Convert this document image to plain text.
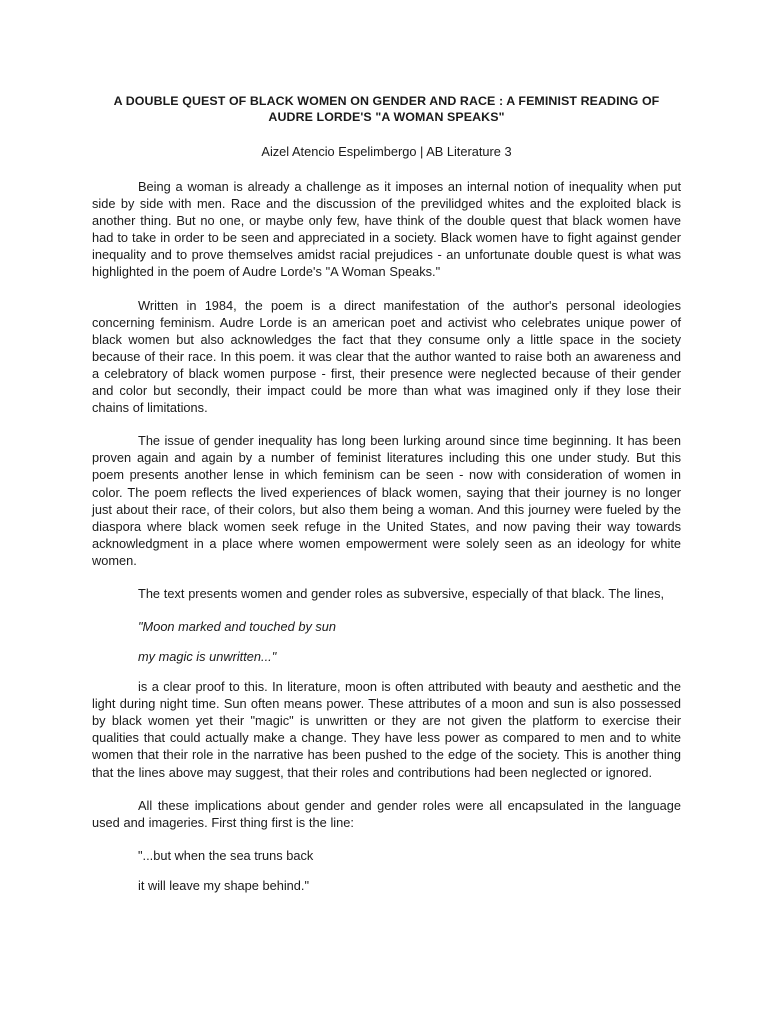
A DOUBLE QUEST OF BLACK WOMEN ON GENDER AND RACE : A FEMINIST READING OF
AUDRE LORDE'S "A WOMAN SPEAKS"

Aizel Atencio Espelimbergo | AB Literature 3

Being a woman is already a challenge as it imposes an internal notion of inequality when put side by side with men. Race and the discussion of the previlidged whites and the exploited black is another thing. But no one, or maybe only few, have think of the double quest that black women have had to take in order to be seen and appreciated in a society. Black women have to fight against gender inequality and to prove themselves amidst racial prejudices - an unfortunate double quest is what was highlighted in the poem of Audre Lorde's "A Woman Speaks."

Written in 1984, the poem is a direct manifestation of the author's personal ideologies concerning feminism. Audre Lorde is an american poet and activist who celebrates unique power of black women but also acknowledges the fact that they consume only a little space in the society because of their race. In this poem. it was clear that the author wanted to raise both an awareness and a celebratory of black women purpose - first, their presence were neglected because of their gender and color but secondly, their impact could be more than what was imagined only if they lose their chains of limitations.

The issue of gender inequality has long been lurking around since time beginning. It has been proven again and again by a number of feminist literatures including this one under study. But this poem presents another lense in which feminism can be seen - now with consideration of women in color. The poem reflects the lived experiences of black women, saying that their journey is no longer just about their race, of their colors, but also them being a woman. And this journey were fueled by the diaspora where black women seek refuge in the United States, and now paving their way towards acknowledgment in a place where women empowerment were solely seen as an ideology for white women.

The text presents women and gender roles as subversive, especially of that black. The lines,

"Moon marked and touched by sun

my magic is unwritten..."

is a clear proof to this. In literature, moon is often attributed with beauty and aesthetic and the light during night time. Sun often means power. These attributes of a moon and sun is also possessed by black women yet their "magic" is unwritten or they are not given the platform to exercise their qualities that could actually make a change. They have less power as compared to men and to white women that their role in the narrative has been pushed to the edge of the society. This is another thing that the lines above may suggest, that their roles and contributions had been neglected or ignored.

All these implications about gender and gender roles were all encapsulated in the language used and imageries. First thing first is the line:

"...but when the sea truns back

it will leave my shape behind."
